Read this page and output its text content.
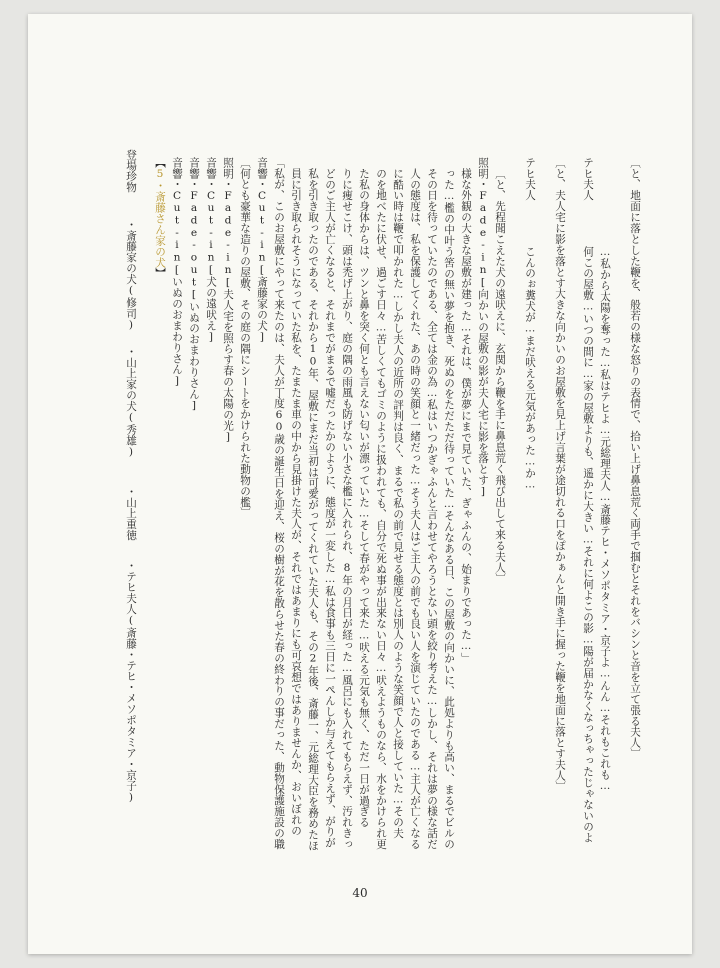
登場珍物
・斎藤家の犬(修司)
・山上家の犬(秀雄)
・山上重徳
・テヒ夫人(斎藤・テヒ・メソポタミア・京子)
【5・斎藤さん家の犬】 音響・Cut-in[いぬのおまわりさん] 音響・Fade-out[いぬのおまわりさん] 音響・Cut-in[犬の遠吠え] 照明・Fade-in[夫人宅を照らす春の太陽の光] 〔何とも豪華な造りの屋敷、その庭の隅にシートをかけられた動物の檻〕 音響・Cut-in[斎藤家の犬] 「私が、このお屋敷にやって来たのは、夫人が丁度60歳の誕生日を迎え、桜の樹が花を散らせた春の終わりの事だった、動物保護施設の職 員に引き取られそうになっていた私を、たまたま車の中から見掛けた夫人が、それではあまりにも可哀想ではありませんか、おいぼれの 私を引き取ったのである、それから10年、屋敷にまだ当初は可愛がってくれていた夫人も、その2年後、斎藤一、元総理大臣を務めたほ どのご主人が亡くなると、それまでがまるで嘘だったかのように、態度が一変した…私は食事も三日に一ぺんしか与えてもらえず、がりが りに痩せこけ、頭は禿げ上がり、庭の隅の雨風も防げない小さな檻に入れられ、8年の月日が経った…風呂にも入れてもらえず、汚れきっ た私の身体からは、ツンと鼻を突く何とも言えない匂いが漂っていた…そして春がやって来た…吠える元気も無く、ただ一日が過ぎる のを地べたに伏せ、過ごす日々…苦しくてもゴミのように扱われても、自分で死ぬ事が出来ない日々…吠えようものなら、水をかけられ更 に酷い時は鞭で叩かれた…しかし夫人の近所の評判は良く、まるで私の前で見せる態度とは別人のような笑顔で人と接していた…その夫 人の態度は、私を保護してくれた、あの時の笑顔と一緒だった…そう夫人はご主人の前でも良い人を演じていたのである…主人が亡くなる その日を待っていたのである、全ては金の為…私はいつかぎゃふんと言わせてやろうとない頭を絞り考えた…しかし、それは夢の様な話だ った…檻の中叶う筈の無い夢を抱き、死ぬのをただただ待っていた…そんなある日、この屋敷の向かいに、此処よりも高い、まるでビルの 様な外観の大きな屋敷が建った…それは、僕が夢にまで見ていた、ぎゃふんの、始まりであった…」 照明・Fade-in[向かいの屋敷の影が夫人宅に影を落とす] 〔と、先程聞こえた犬の遠吠えに、玄関から鞭を手に鼻息荒く飛び出して来る夫人〕 テヒ夫人
こんのぉ糞犬が…まだ吠える元気があった…か… 〔と、夫人宅に影を落とす大きな向かいのお屋敷を見上げ言葉が途切れる口をぽかぁんと開き手に握った鞭を地面に落とす夫人〕 テヒ夫人
何この屋敷…いつの間に…家の屋敷よりも、遥かに大きい…それに何よこの影…陽が届かなくなっちゃったじゃないのよ …私から太陽を奪った…私はテヒよ…元総理夫人…斎藤テヒ・メソポタミア・京子よ…んん…それもこれも… 〔と、地面に落とした鞭を、般若の様な怒りの表情で、拾い上げ鼻息荒く両手で掴むとそれをバシンと音を立て張る夫人〕
40
